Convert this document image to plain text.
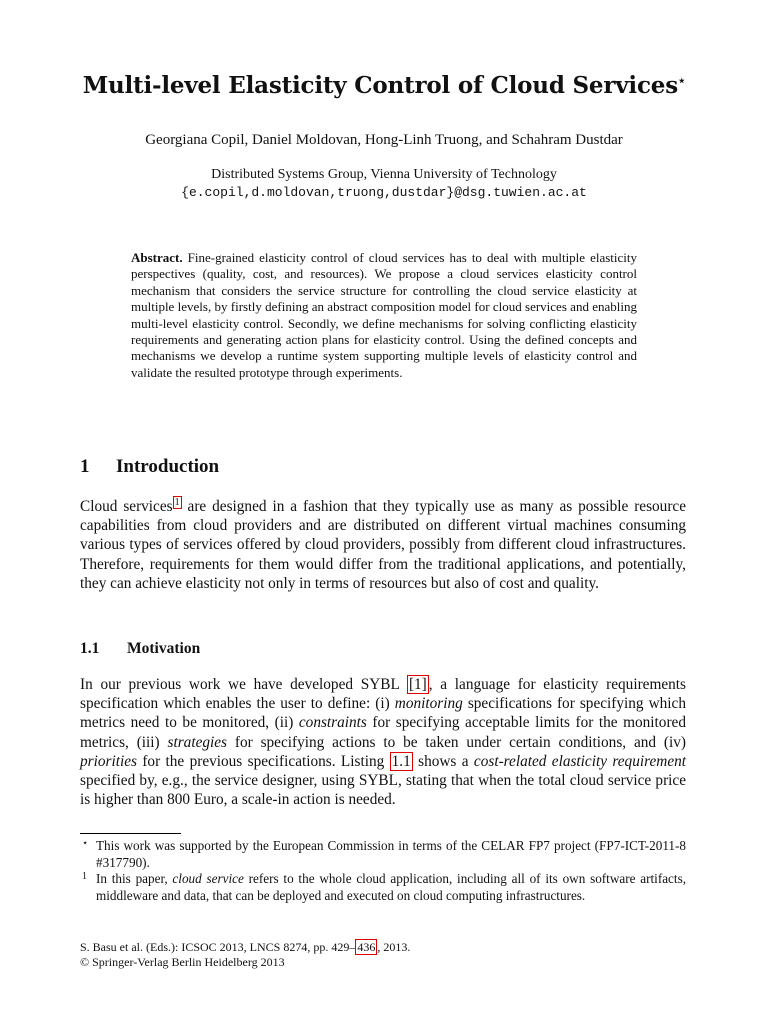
Multi-level Elasticity Control of Cloud Services⋆
Georgiana Copil, Daniel Moldovan, Hong-Linh Truong, and Schahram Dustdar
Distributed Systems Group, Vienna University of Technology
{e.copil,d.moldovan,truong,dustdar}@dsg.tuwien.ac.at
Abstract. Fine-grained elasticity control of cloud services has to deal with multiple elasticity perspectives (quality, cost, and resources). We propose a cloud services elasticity control mechanism that considers the service structure for controlling the cloud service elasticity at multiple levels, by firstly defining an abstract composition model for cloud services and enabling multi-level elasticity control. Secondly, we define mechanisms for solving conflicting elasticity requirements and generating action plans for elasticity control. Using the defined concepts and mechanisms we develop a runtime system supporting multiple levels of elasticity control and validate the resulted prototype through experiments.
1 Introduction
Cloud services $^1$ are designed in a fashion that they typically use as many as possible resource capabilities from cloud providers and are distributed on different virtual machines consuming various types of services offered by cloud providers, possibly from different cloud infrastructures. Therefore, requirements for them would differ from the traditional applications, and potentially, they can achieve elasticity not only in terms of resources but also of cost and quality.
1.1 Motivation
In our previous work we have developed SYBL [1] , a language for elasticity requirements specification which enables the user to define: (i) monitoring specifications for specifying which metrics need to be monitored, (ii) constraints for specifying acceptable limits for the monitored metrics, (iii) strategies for specifying actions to be taken under certain conditions, and (iv) priorities for the previous specifications. Listing 1.1 shows a cost-related elasticity requirement specified by, e.g., the service designer, using SYBL, stating that when the total cloud service price is higher than 800 Euro, a scale-in action is needed.
⋆ This work was supported by the European Commission in terms of the CELAR FP7 project (FP7-ICT-2011-8 #317790).
1 In this paper, cloud service refers to the whole cloud application, including all of its own software artifacts, middleware and data, that can be deployed and executed on cloud computing infrastructures.
S. Basu et al. (Eds.): ICSOC 2013, LNCS 8274, pp. 429– 436 , 2013.
© Springer-Verlag Berlin Heidelberg 2013
